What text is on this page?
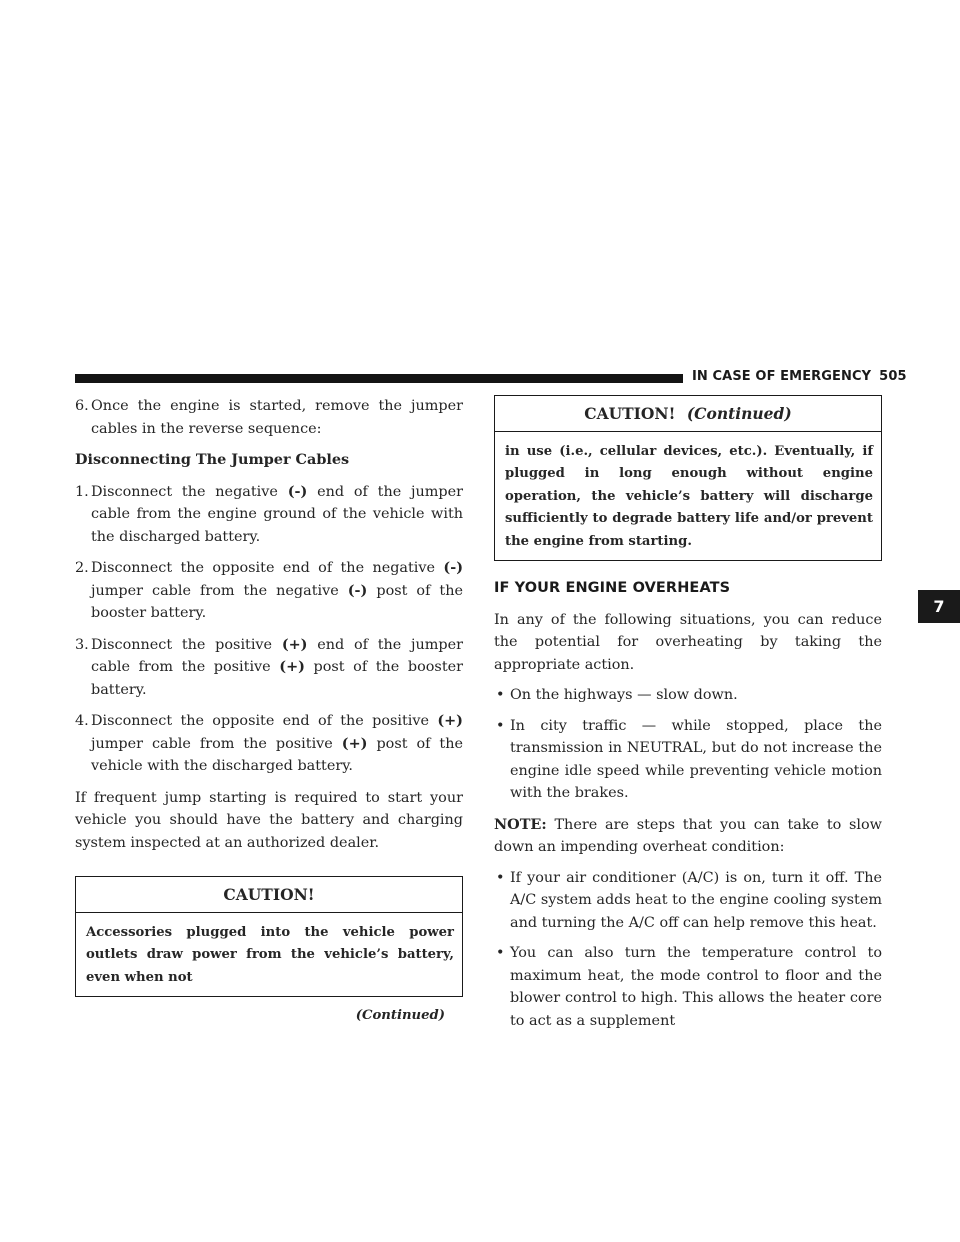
IN CASE OF EMERGENCY 505
7
6. Once the engine is started, remove the jumper cables in the reverse sequence:

Disconnecting The Jumper Cables

1. Disconnect the negative (-) end of the jumper cable from the engine ground of the vehicle with the discharged battery.
2. Disconnect the opposite end of the negative (-) jumper cable from the negative (-) post of the booster battery.
3. Disconnect the positive (+) end of the jumper cable from the positive (+) post of the booster battery.
4. Disconnect the opposite end of the positive (+) jumper cable from the positive (+) post of the vehicle with the discharged battery.

If frequent jump starting is required to start your vehicle you should have the battery and charging system inspected at an authorized dealer.

CAUTION!
Accessories plugged into the vehicle power outlets draw power from the vehicle’s battery, even when not
(Continued)
CAUTION! (Continued)
in use (i.e., cellular devices, etc.). Eventually, if plugged in long enough without engine operation, the vehicle’s battery will discharge sufficiently to degrade battery life and/or prevent the engine from starting.

IF YOUR ENGINE OVERHEATS

In any of the following situations, you can reduce the potential for overheating by taking the appropriate action.

• On the highways — slow down.
• In city traffic — while stopped, place the transmission in NEUTRAL, but do not increase the engine idle speed while preventing vehicle motion with the brakes.

NOTE: There are steps that you can take to slow down an impending overheat condition:

• If your air conditioner (A/C) is on, turn it off. The A/C system adds heat to the engine cooling system and turning the A/C off can help remove this heat.
• You can also turn the temperature control to maximum heat, the mode control to floor and the blower control to high. This allows the heater core to act as a supplement
